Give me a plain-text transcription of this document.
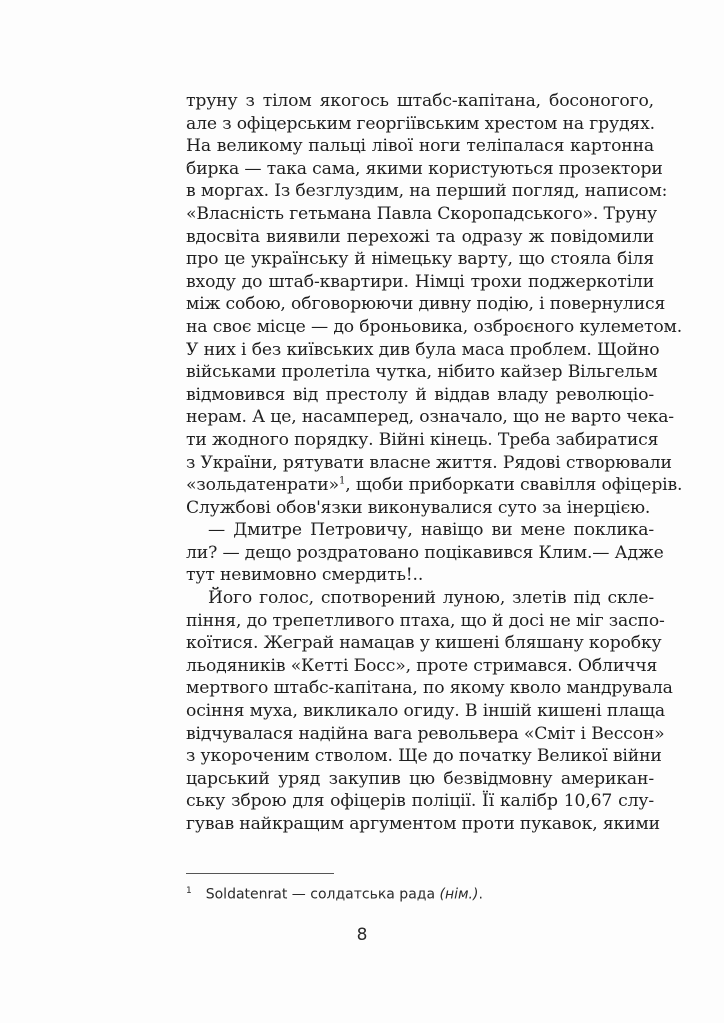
труну з тілом якогось штабс-капітана, босоногого,
але з офіцерським георгіївським хрестом на грудях.
На великому пальці лівої ноги теліпалася картонна
бирка — така сама, якими користуються прозектори
в моргах. Із безглуздим, на перший погляд, написом:
«Власність гетьмана Павла Скоропадського». Труну
вдосвіта виявили перехожі та одразу ж повідомили
про це українську й німецьку варту, що стояла біля
входу до штаб-квартири. Німці трохи поджеркотіли
між собою, обговорюючи дивну подію, і повернулися
на своє місце — до броньовика, озброєного кулеметом.
У них і без київських див була маса проблем. Щойно
військами пролетіла чутка, нібито кайзер Вільгельм
відмовився від престолу й віддав владу революціо-
нерам. А це, насамперед, означало, що не варто чека-
ти жодного порядку. Війні кінець. Треба забиратися
з України, рятувати власне життя. Рядові створювали
«зольдатенрати»$^1$, щоби приборкати свавілля офіцерів.
Службові обов'язки виконувалися суто за інерцією.
— Дмитре Петровичу, навіщо ви мене поклика-
ли? — дещо роздратовано поцікавився Клим.— Адже
тут невимовно смердить!..
Його голос, спотворений луною, злетів під скле-
піння, до трепетливого птаха, що й досі не міг заспо-
коїтися. Жеграй намацав у кишені бляшану коробку
льодяників «Кетті Босс», проте стримався. Обличчя
мертвого штабс-капітана, по якому кволо мандрувала
осіння муха, викликало огиду. В іншій кишені плаща
відчувалася надійна вага револьвера «Сміт і Вессон»
з укороченим стволом. Ще до початку Великої війни
царський уряд закупив цю безвідмовну американ-
ську зброю для офіцерів поліції. Її калібр 10,67 слу-
гував найкращим аргументом проти пукавок, якими
$^1$ Soldatenrat — солдатська рада (нім.).
8
